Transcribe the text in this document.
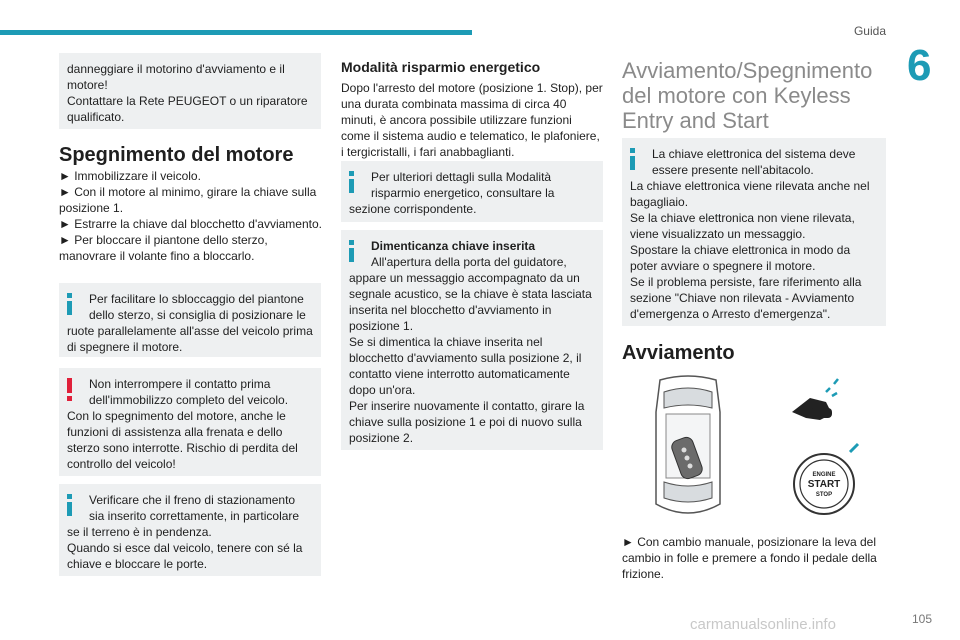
Guida
6
danneggiare il motorino d'avviamento e il motore!
Contattare la Rete PEUGEOT o un riparatore qualificato.
Spegnimento del motore
► Immobilizzare il veicolo.
► Con il motore al minimo, girare la chiave sulla posizione 1.
► Estrarre la chiave dal blocchetto d'avviamento.
► Per bloccare il piantone dello sterzo, manovrare il volante fino a bloccarlo.
Per facilitare lo sbloccaggio del piantone dello sterzo, si consiglia di posizionare le
ruote parallelamente all'asse del veicolo prima di spegnere il motore.
Non interrompere il contatto prima dell'immobilizzo completo del veicolo.
Con lo spegnimento del motore, anche le funzioni di assistenza alla frenata e dello sterzo sono interrotte. Rischio di perdita del controllo del veicolo!
Verificare che il freno di stazionamento sia inserito correttamente, in particolare
se il terreno è in pendenza.
Quando si esce dal veicolo, tenere con sé la chiave e bloccare le porte.
Modalità risparmio energetico
Dopo l'arresto del motore (posizione 1. Stop), per una durata combinata massima di circa 40 minuti, è ancora possibile utilizzare funzioni come il sistema audio e telematico, le plafoniere, i tergicristalli, i fari anabbaglianti.
Per ulteriori dettagli sulla Modalità risparmio energetico, consultare la
sezione corrispondente.
Dimenticanza chiave inserita
All'apertura della porta del guidatore,
appare un messaggio accompagnato da un segnale acustico, se la chiave è stata lasciata inserita nel blocchetto d'avviamento in posizione 1.
Se si dimentica la chiave inserita nel blocchetto d'avviamento sulla posizione 2, il contatto viene interrotto automaticamente dopo un'ora.
Per inserire nuovamente il contatto, girare la chiave sulla posizione 1 e poi di nuovo sulla posizione 2.
Avviamento/Spegnimento
del motore con Keyless
Entry and Start
La chiave elettronica del sistema deve essere presente nell'abitacolo.
La chiave elettronica viene rilevata anche nel bagagliaio.
Se la chiave elettronica non viene rilevata, viene visualizzato un messaggio.
Spostare la chiave elettronica in modo da poter avviare o spegnere il motore.
Se il problema persiste, fare riferimento alla sezione "Chiave non rilevata - Avviamento d'emergenza o Arresto d'emergenza".
Avviamento
ENGINE
START
STOP
► Con cambio manuale, posizionare la leva del cambio in folle e premere a fondo il pedale della frizione.
105
carmanualsonline.info
